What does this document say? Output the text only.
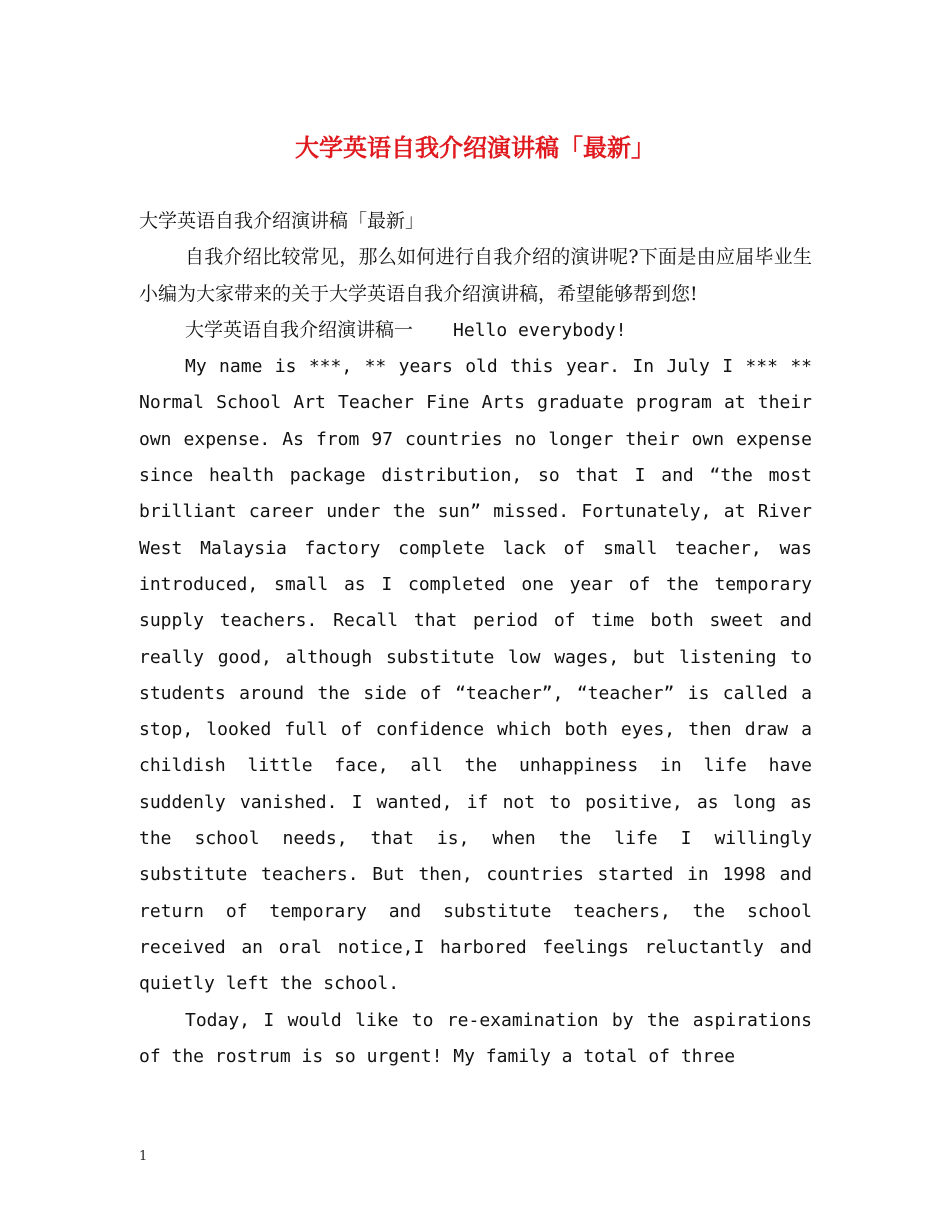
大学英语自我介绍演讲稿「最新」

大学英语自我介绍演讲稿「最新」

自我介绍比较常见，那么如何进行自我介绍的演讲呢?下面是由应届毕业生小编为大家带来的关于大学英语自我介绍演讲稿，希望能够帮到您!

大学英语自我介绍演讲稿一 Hello everybody!

My name is ***, ** years old this year. In July I *** ** Normal School Art Teacher Fine Arts graduate program at their own expense. As from 97 countries no longer their own expense since health package distribution, so that I and “the most brilliant career under the sun” missed. Fortunately, at River West Malaysia factory complete lack of small teacher, was introduced, small as I completed one year of the temporary supply teachers. Recall that period of time both sweet and really good, although substitute low wages, but listening to students around the side of “teacher”, “teacher” is called a stop, looked full of confidence which both eyes, then draw a childish little face, all the unhappiness in life have suddenly vanished. I wanted, if not to positive, as long as the school needs, that is, when the life I willingly substitute teachers. But then, countries started in 1998 and return of temporary and substitute teachers, the school received an oral notice,I harbored feelings reluctantly and quietly left the school.

Today, I would like to re-examination by the aspirations of the rostrum is so urgent! My family a total of three

1
